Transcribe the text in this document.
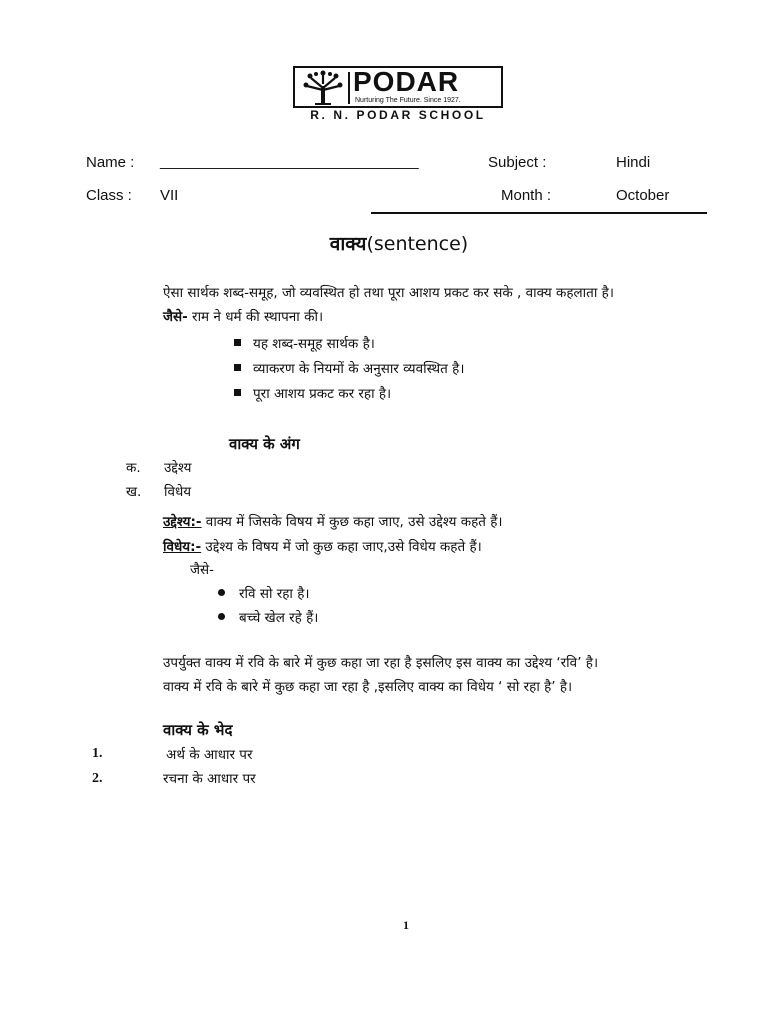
PODAR
Nurturing The Future. Since 1927.
R. N. PODAR SCHOOL
Name : _______________________________	Subject :	Hindi
Class : VII	Month :	October
वाक्य(sentence)
ऐसा सार्थक शब्द-समूह, जो व्यवस्थित हो तथा पूरा आशय प्रकट कर सके , वाक्य कहलाता है।
जैसे- राम ने धर्म की स्थापना की।
यह शब्द-समूह सार्थक है।
व्याकरण के नियमों के अनुसार व्यवस्थित है।
पूरा आशय प्रकट कर रहा है।
वाक्य के अंग
क. उद्देश्य
ख. विधेय
उद्देश्य:- वाक्य में जिसके विषय में कुछ कहा जाए, उसे उद्देश्य कहते हैं।
विधेय:- उद्देश्य के विषय में जो कुछ कहा जाए,उसे विधेय कहते हैं।
जैसे-
रवि सो रहा है।
बच्चे खेल रहे हैं।
उपर्युक्त वाक्य में रवि के बारे में कुछ कहा जा रहा है इसलिए इस वाक्य का उद्देश्य ‘रवि’ है।
वाक्य में रवि के बारे में कुछ कहा जा रहा है ,इसलिए वाक्य का विधेय ‘ सो रहा है’ है।
वाक्य के भेद
1.	अर्थ के आधार पर
2.	रचना के आधार पर
1
